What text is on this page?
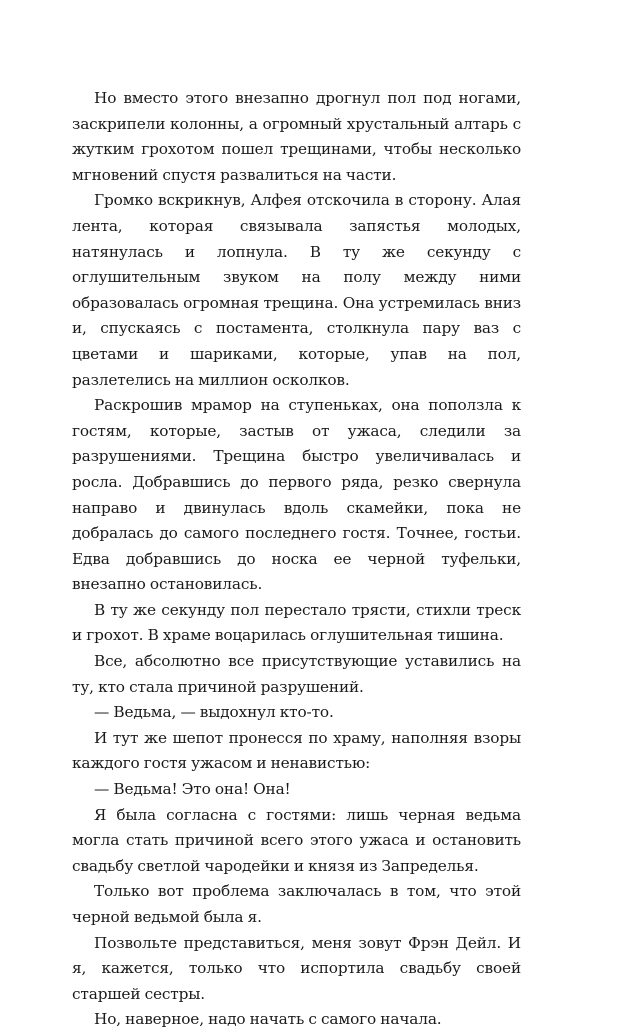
Но вместо этого внезапно дрогнул пол под ногами, заскрипели колонны, а огромный хрустальный алтарь с жутким грохотом пошел трещинами, чтобы несколько мгновений спустя развалиться на части.

Громко вскрикнув, Алфея отскочила в сторону. Алая лента, которая связывала запястья молодых, натянулась и лопнула. В ту же секунду с оглушительным звуком на полу между ними образовалась огромная трещина. Она устремилась вниз и, спускаясь с постамента, столкнула пару ваз с цветами и шариками, которые, упав на пол, разлетелись на миллион осколков.

Раскрошив мрамор на ступеньках, она поползла к гостям, которые, застыв от ужаса, следили за разрушениями. Трещина быстро увеличивалась и росла. Добравшись до первого ряда, резко свернула направо и двинулась вдоль скамейки, пока не добралась до самого последнего гостя. Точнее, гостьи. Едва добравшись до носка ее черной туфельки, внезапно остановилась.

В ту же секунду пол перестало трясти, стихли треск и грохот. В храме воцарилась оглушительная тишина.

Все, абсолютно все присутствующие уставились на ту, кто стала причиной разрушений.

— Ведьма, — выдохнул кто-то.

И тут же шепот пронесся по храму, наполняя взоры каждого гостя ужасом и ненавистью:

— Ведьма! Это она! Она!

Я была согласна с гостями: лишь черная ведьма могла стать причиной всего этого ужаса и остановить свадьбу светлой чародейки и князя из Запределья.

Только вот проблема заключалась в том, что этой черной ведьмой была я.

Позвольте представиться, меня зовут Фрэн Дейл. И я, кажется, только что испортила свадьбу своей старшей сестры.

Но, наверное, надо начать с самого начала.
